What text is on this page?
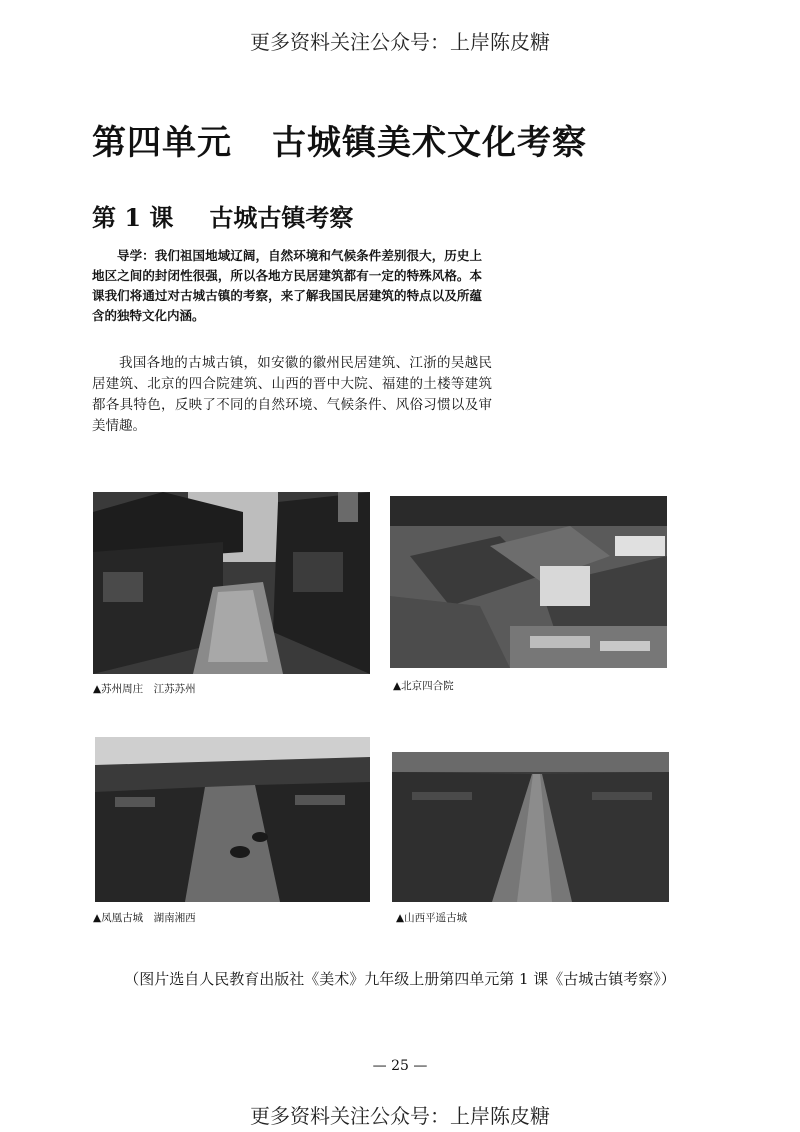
更多资料关注公众号：上岸陈皮糖
第四单元 古城镇美术文化考察
第 1 课 古城古镇考察

导学：我们祖国地域辽阔，自然环境和气候条件差别很大，历史上地区之间的封闭性很强，所以各地方民居建筑都有一定的特殊风格。本课我们将通过对古城古镇的考察，来了解我国民居建筑的特点以及所蕴含的独特文化内涵。

我国各地的古城古镇，如安徽的徽州民居建筑、江浙的吴越民居建筑、北京的四合院建筑、山西的晋中大院、福建的土楼等建筑都各具特色，反映了不同的自然环境、气候条件、风俗习惯以及审美情趣。

▲苏州周庄　江苏苏州	▲北京四合院
▲凤凰古城　湖南湘西	▲山西平遥古城
（图片选自人民教育出版社《美术》九年级上册第四单元第 1 课《古城古镇考察》）
— 25 —
更多资料关注公众号：上岸陈皮糖
